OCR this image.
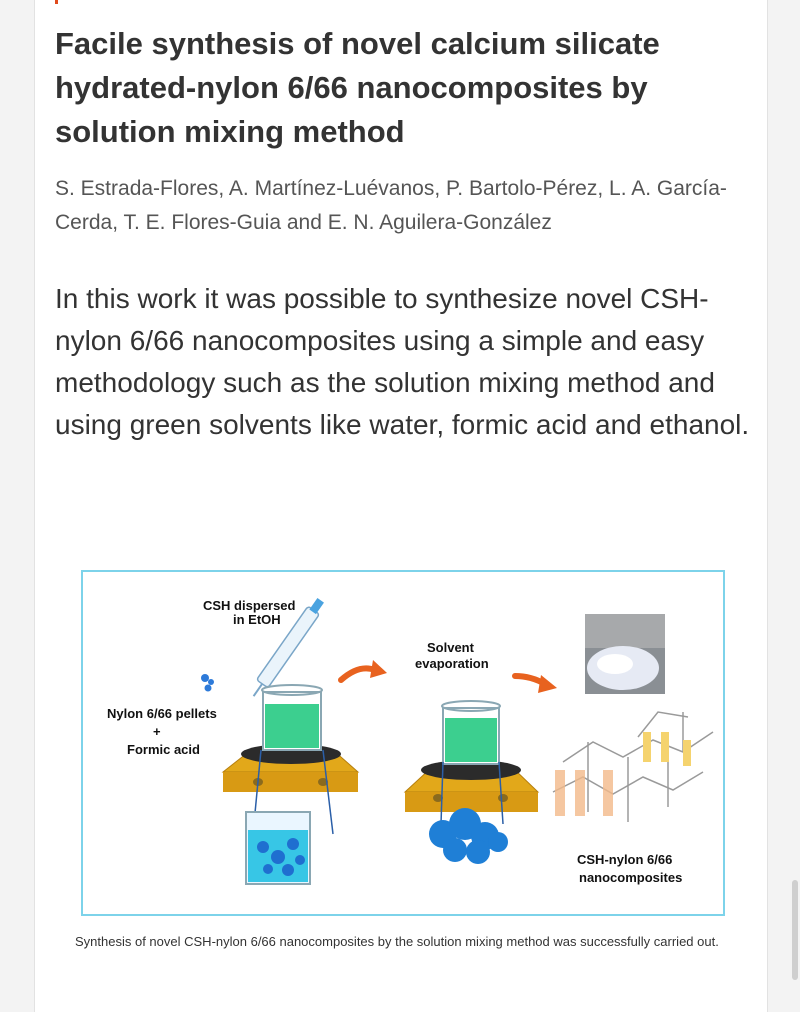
Facile synthesis of novel calcium silicate hydrated-nylon 6/66 nanocomposites by solution mixing method
S. Estrada-Flores, A. Martínez-Luévanos, P. Bartolo-Pérez, L. A. García-Cerda, T. E. Flores-Guia and E. N. Aguilera-González
In this work it was possible to synthesize novel CSH-nylon 6/66 nanocomposites using a simple and easy methodology such as the solution mixing method and using green solvents like water, formic acid and ethanol.
CSH dispersed
in EtOH
Nylon 6/66 pellets
+
Formic acid
Solvent
evaporation
CSH-nylon 6/66
nanocomposites
Synthesis of novel CSH-nylon 6/66 nanocomposites by the solution mixing method was successfully carried out.
